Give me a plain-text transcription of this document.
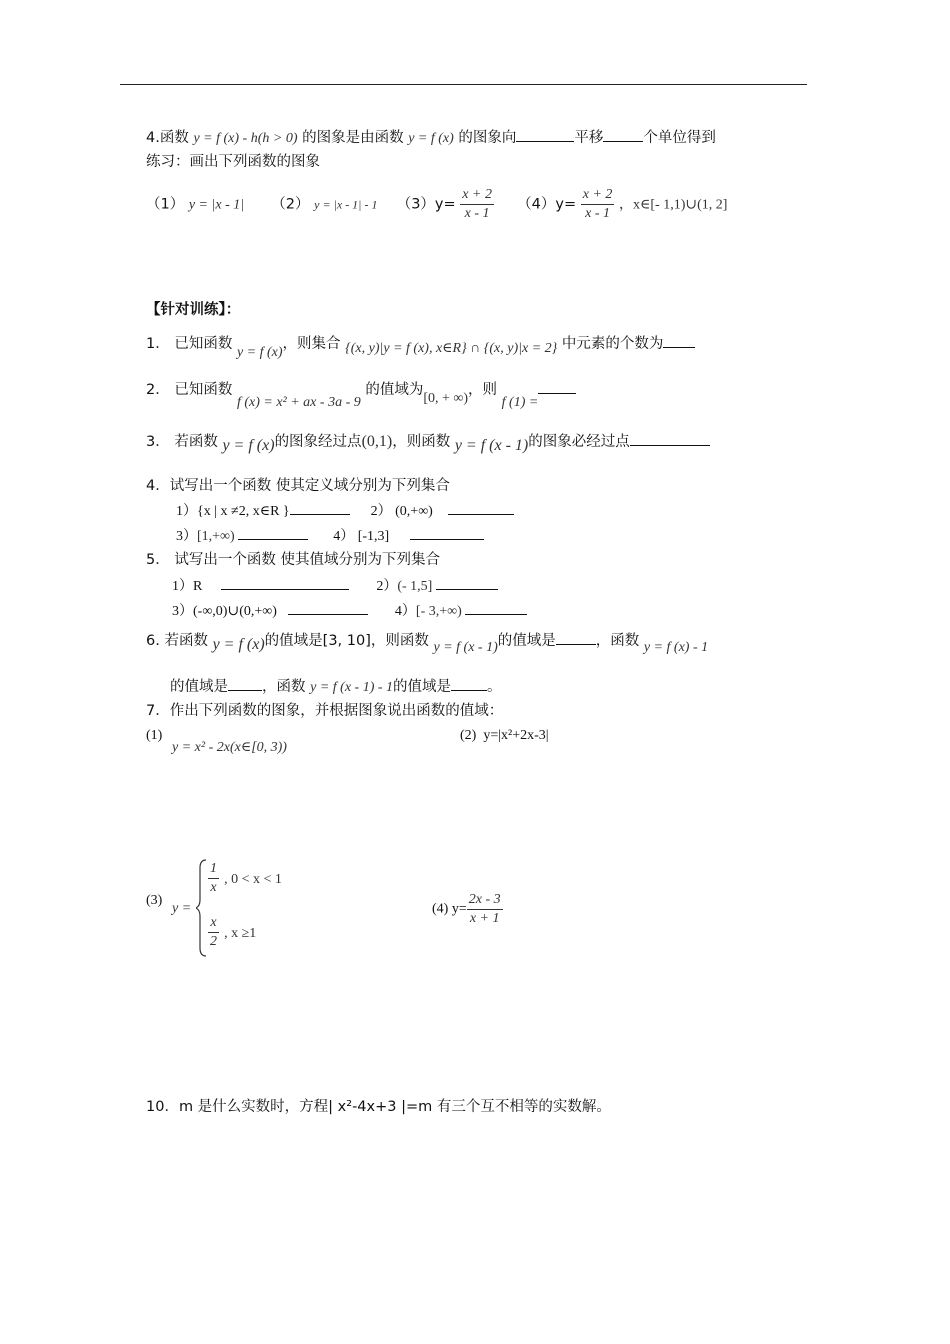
4.函数 y = f (x) - h(h > 0) 的图象是由函数 y = f (x) 的图象向	平移	个单位得到
练习：画出下列函数的图象
（1） y = |x - 1| （2） y = |x - 1| - 1 $(3)y= \frac{x + 2}{x - 1} (4)y= \frac{x + 2}{x - 1}$ ，x∈[- 1,1)∪(1, 2]
【针对训练】：
1． 已知函数 y = f (x)，则集合 {(x, y)|y = f (x), x∈R} ∩ {(x, y)|x = 2} 中元素的个数为
2． 已知函数 f (x) = x² + ax - 3a - 9 的值域为[0, + ∞)，则 f (1) =
3． 若函数 y = f (x)的图象经过点(0,1)，则函数 y = f (x - 1)的图象必经过点
4．试写出一个函数 使其定义域分别为下列集合
1）{x | x ≠2, x∈R }	2） (0,+∞)
3）[1,+∞)	4） [-1,3]
5． 试写出一个函数 使其值域分别为下列集合
1）R	2）(- 1,5]
3）(-∞,0)∪(0,+∞)	4）[- 3,+∞)
6. 若函数 y = f (x)的值域是[3, 10]，则函数 y = f (x - 1)的值域是	，函数 y = f (x) - 1
的值域是 ，函数 y = f (x - 1) - 1的值域是 。
7．作出下列函数的图象，并根据图象说出函数的值域：
(1)
y = x² - 2x(x∈[0, 3))
(2) y=|x²+2x-3|
(3)
y =
$\frac{1}{x}$ , 0 < x < 1
$\frac{x}{2}$ , x ≥1
(4) $y= \frac{2x - 3}{x + 1}$
10．m 是什么实数时，方程| x²-4x+3 |=m 有三个互不相等的实数解。
